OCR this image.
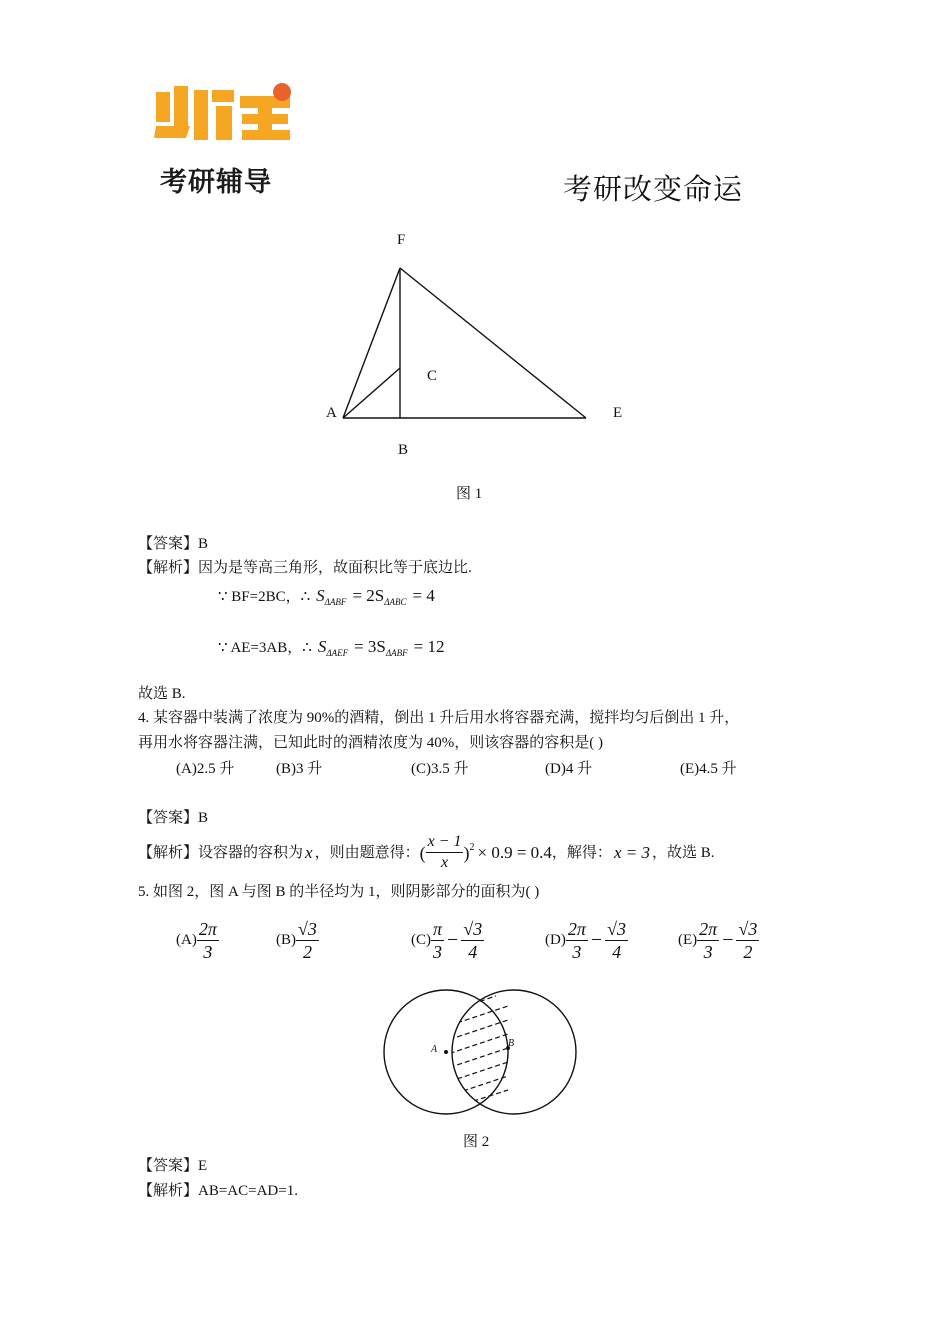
考研辅导	考研改变命运
F
C
A	E
B
图 1
【答案】B
【解析】因为是等高三角形，故面积比等于底边比.
∵ BF=2BC，∴ $S_{\Delta ABF} = 2S_{\Delta ABC} = 4$
∵ AE=3AB，∴ $S_{\Delta AEF} = 3S_{\Delta ABF} = 12$
故选 B.
4. 某容器中装满了浓度为 90%的酒精，倒出 1 升后用水将容器充满，搅拌均匀后倒出 1 升，
再用水将容器注满，已知此时的酒精浓度为 40%，则该容器的容积是( )
(A)2.5 升	(B)3 升	(C)3.5 升	(D)4 升	(E)4.5 升
【答案】B
【解析】设容器的容积为 x ，则由题意得： ( $\frac{x - 1}{x} )^2 \times 0.9 = 0.4$ ，解得： x = 3 ，故选 B.
5. 如图 2，图 A 与图 B 的半径均为 1，则阴影部分的面积为( )
$(A) \frac{2\pi}{3}$	$(B) \frac{√3}{2}$	$(C) \frac{\pi}{3} - \frac{√3}{4}$	$(D) \frac{2\pi}{3} - \frac{√3}{4}$	$(E) \frac{2\pi}{3} - \frac{√3}{2}$
A
B
图 2
【答案】E
【解析】AB=AC=AD=1.
